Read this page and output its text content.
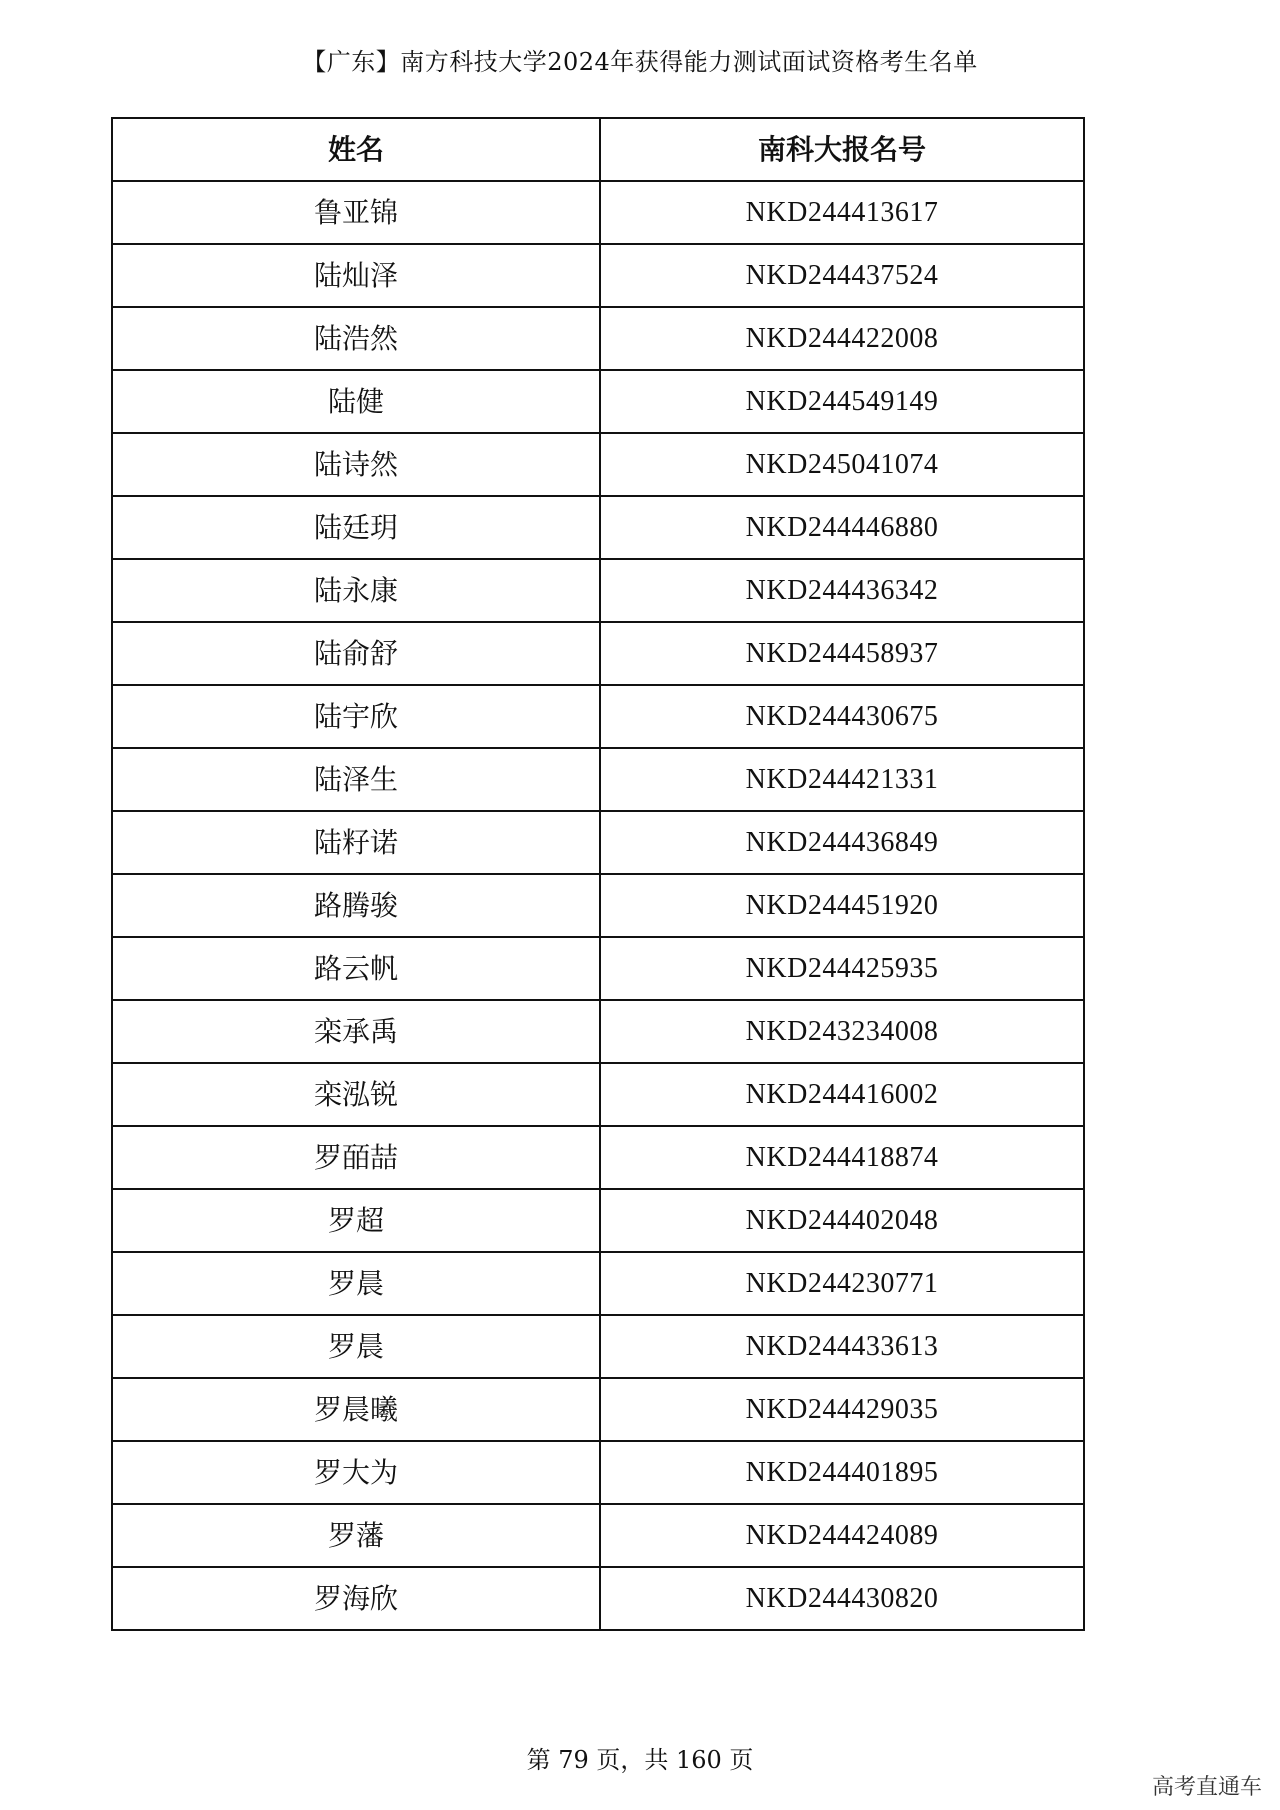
【广东】南方科技大学2024年获得能力测试面试资格考生名单
姓名	南科大报名号
鲁亚锦	NKD244413617
陆灿泽	NKD244437524
陆浩然	NKD244422008
陆健	NKD244549149
陆诗然	NKD245041074
陆廷玥	NKD244446880
陆永康	NKD244436342
陆俞舒	NKD244458937
陆宇欣	NKD244430675
陆泽生	NKD244421331
陆籽诺	NKD244436849
路腾骏	NKD244451920
路云帆	NKD244425935
栾承禹	NKD243234008
栾泓锐	NKD244416002
罗皕喆	NKD244418874
罗超	NKD244402048
罗晨	NKD244230771
罗晨	NKD244433613
罗晨曦	NKD244429035
罗大为	NKD244401895
罗藩	NKD244424089
罗海欣	NKD244430820
第 79 页，共 160 页
高考直通车
